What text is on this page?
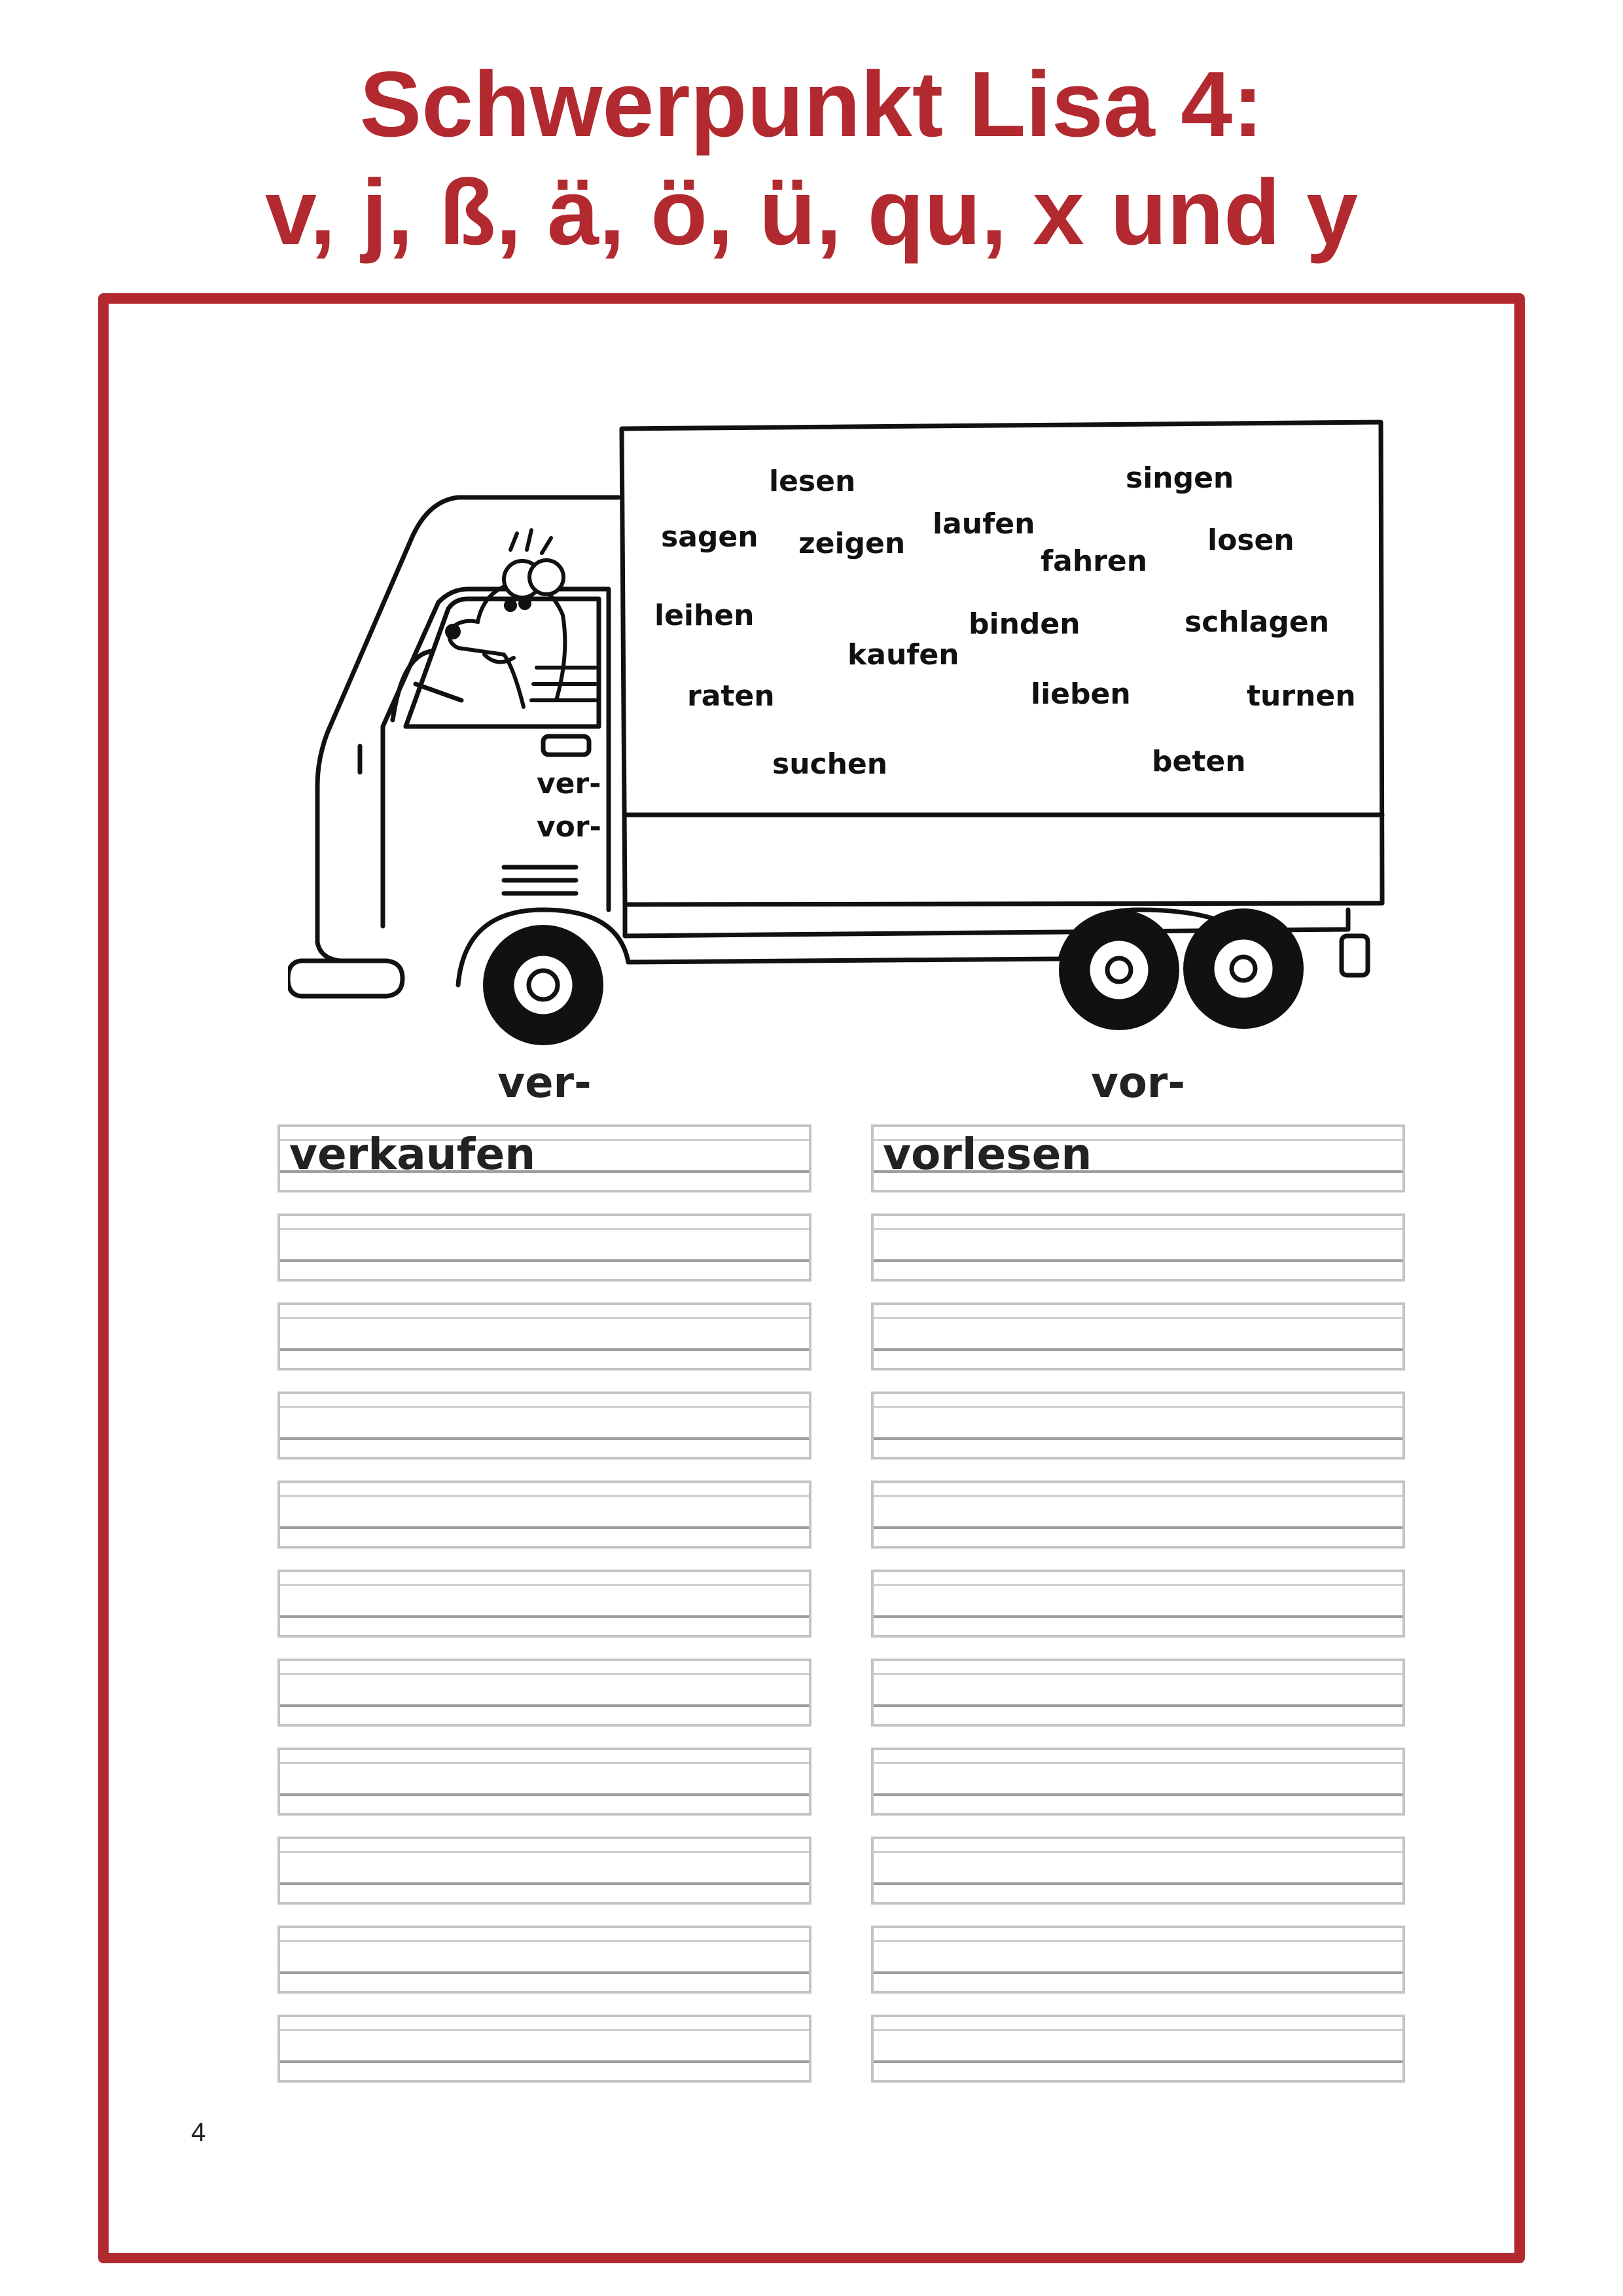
Schwerpunkt Lisa 4:
v, j, ß, ä, ö, ü, qu, x und y
lesen	singen
laufen
sagen zeigen	losen
fahren
leihen	binden	schlagen
kaufen
raten	lieben	turnen
suchen	beten
ver-
vor-
ver-	vor-
verkaufen	vorlesen
4
